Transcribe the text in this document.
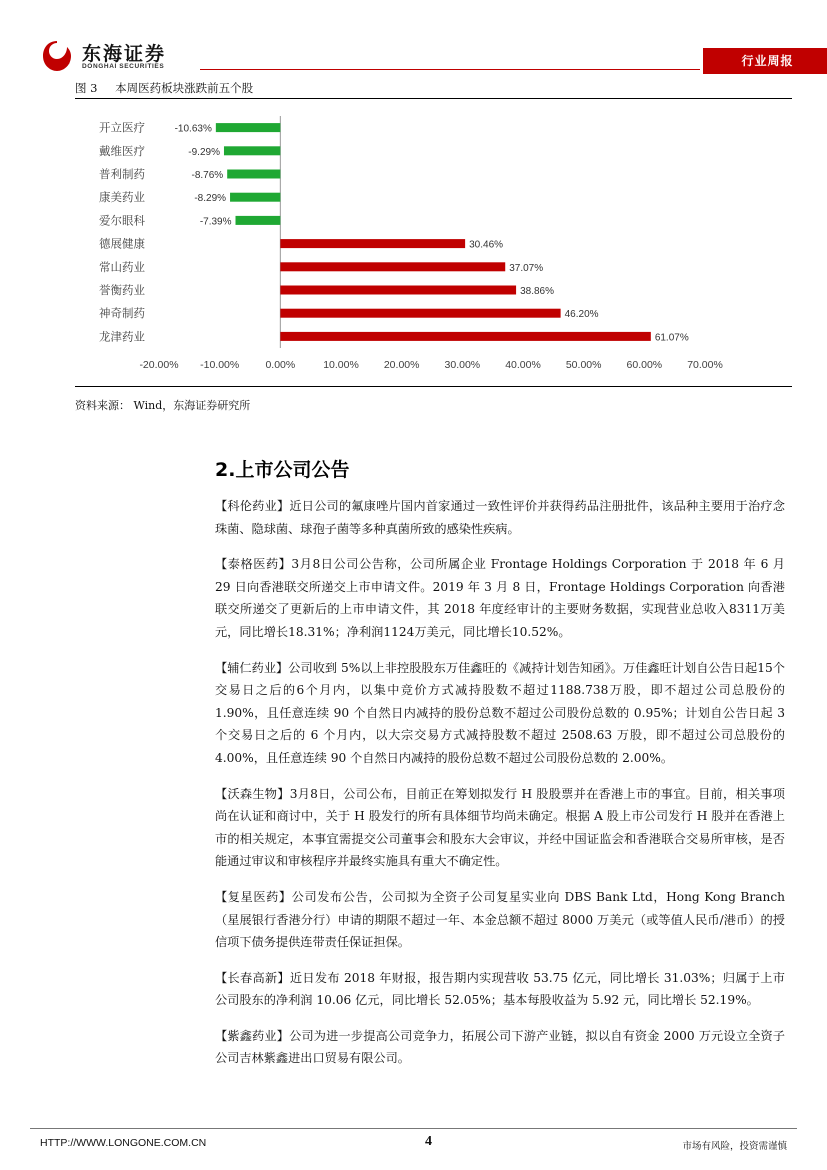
东海证券
DONGHAI SECURITIES	行业周报
图 3 本周医药板块涨跌前五个股
开立医疗	-10.63%
戴维医疗	-9.29%
普利制药	-8.76%
康美药业	-8.29%
爱尔眼科	-7.39%
德展健康	30.46%
常山药业	37.07%
誉衡药业	38.86%
神奇制药	46.20%
龙津药业	61.07%
-20.00% -10.00% 0.00%	10.00% 20.00% 30.00% 40.00% 50.00% 60.00% 70.00%
资料来源： Wind，东海证券研究所
2.上市公司公告

【科伦药业】近日公司的氟康唑片国内首家通过一致性评价并获得药品注册批件，该品种主要用于治疗念珠菌、隐球菌、球孢子菌等多种真菌所致的感染性疾病。

【泰格医药】3月8日公司公告称，公司所属企业 Frontage Holdings Corporation 于 2018 年 6 月 29 日向香港联交所递交上市申请文件。2019 年 3 月 8 日，Frontage Holdings Corporation 向香港联交所递交了更新后的上市申请文件，其 2018 年度经审计的主要财务数据，实现营业总收入8311万美元，同比增长18.31%；净利润1124万美元，同比增长10.52%。

【辅仁药业】公司收到 5%以上非控股股东万佳鑫旺的《减持计划告知函》。万佳鑫旺计划自公告日起15个交易日之后的6个月内，以集中竞价方式减持股数不超过1188.738万股，即不超过公司总股份的 1.90%，且任意连续 90 个自然日内减持的股份总数不超过公司股份总数的 0.95%；计划自公告日起 3 个交易日之后的 6 个月内，以大宗交易方式减持股数不超过 2508.63 万股，即不超过公司总股份的 4.00%，且任意连续 90 个自然日内减持的股份总数不超过公司股份总数的 2.00%。

【沃森生物】3月8日，公司公布，目前正在筹划拟发行 H 股股票并在香港上市的事宜。目前，相关事项尚在认证和商讨中，关于 H 股发行的所有具体细节均尚未确定。根据 A 股上市公司发行 H 股并在香港上市的相关规定，本事宜需提交公司董事会和股东大会审议，并经中国证监会和香港联合交易所审核，是否能通过审议和审核程序并最终实施具有重大不确定性。

【复星医药】公司发布公告，公司拟为全资子公司复星实业向 DBS Bank Ltd，Hong Kong Branch（星展银行香港分行）申请的期限不超过一年、本金总额不超过 8000 万美元（或等值人民币/港币）的授信项下债务提供连带责任保证担保。

【长春高新】近日发布 2018 年财报，报告期内实现营收 53.75 亿元，同比增长 31.03%；归属于上市公司股东的净利润 10.06 亿元，同比增长 52.05%；基本每股收益为 5.92 元，同比增长 52.19%。

【紫鑫药业】公司为进一步提高公司竞争力，拓展公司下游产业链，拟以自有资金 2000 万元设立全资子公司吉林紫鑫进出口贸易有限公司。

HTTP://WWW.LONGONE.COM.CN	4	市场有风险，投资需谨慎
